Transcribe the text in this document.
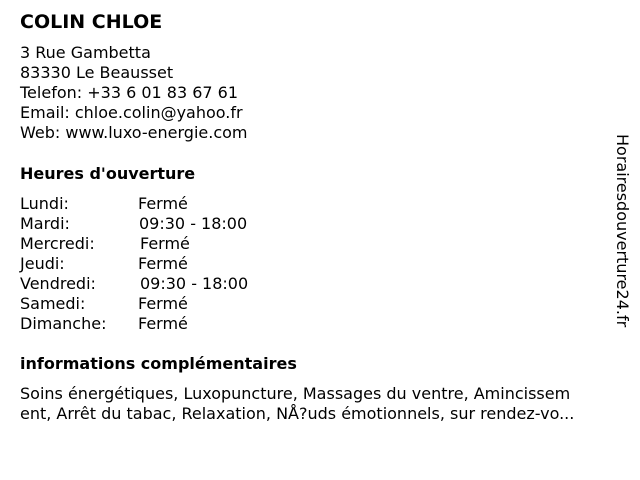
COLIN CHLOE
3 Rue Gambetta
83330 Le Beausset
Telefon: +33 6 01 83 67 61
Email: chloe.colin@yahoo.fr
Web: www.luxo-energie.com
Heures d'ouverture
Lundi:	Fermé
Mardi:	09:30 - 18:00
Mercredi:	Fermé
Jeudi:	Fermé
Vendredi:	09:30 - 18:00
Samedi:	Fermé
Dimanche: Fermé
informations complémentaires
Soins énergétiques, Luxopuncture, Massages du ventre, Amincissem
ent, Arrêt du tabac, Relaxation, NÅ?uds émotionnels, sur rendez-vo...
Horairesdouverture24.fr
